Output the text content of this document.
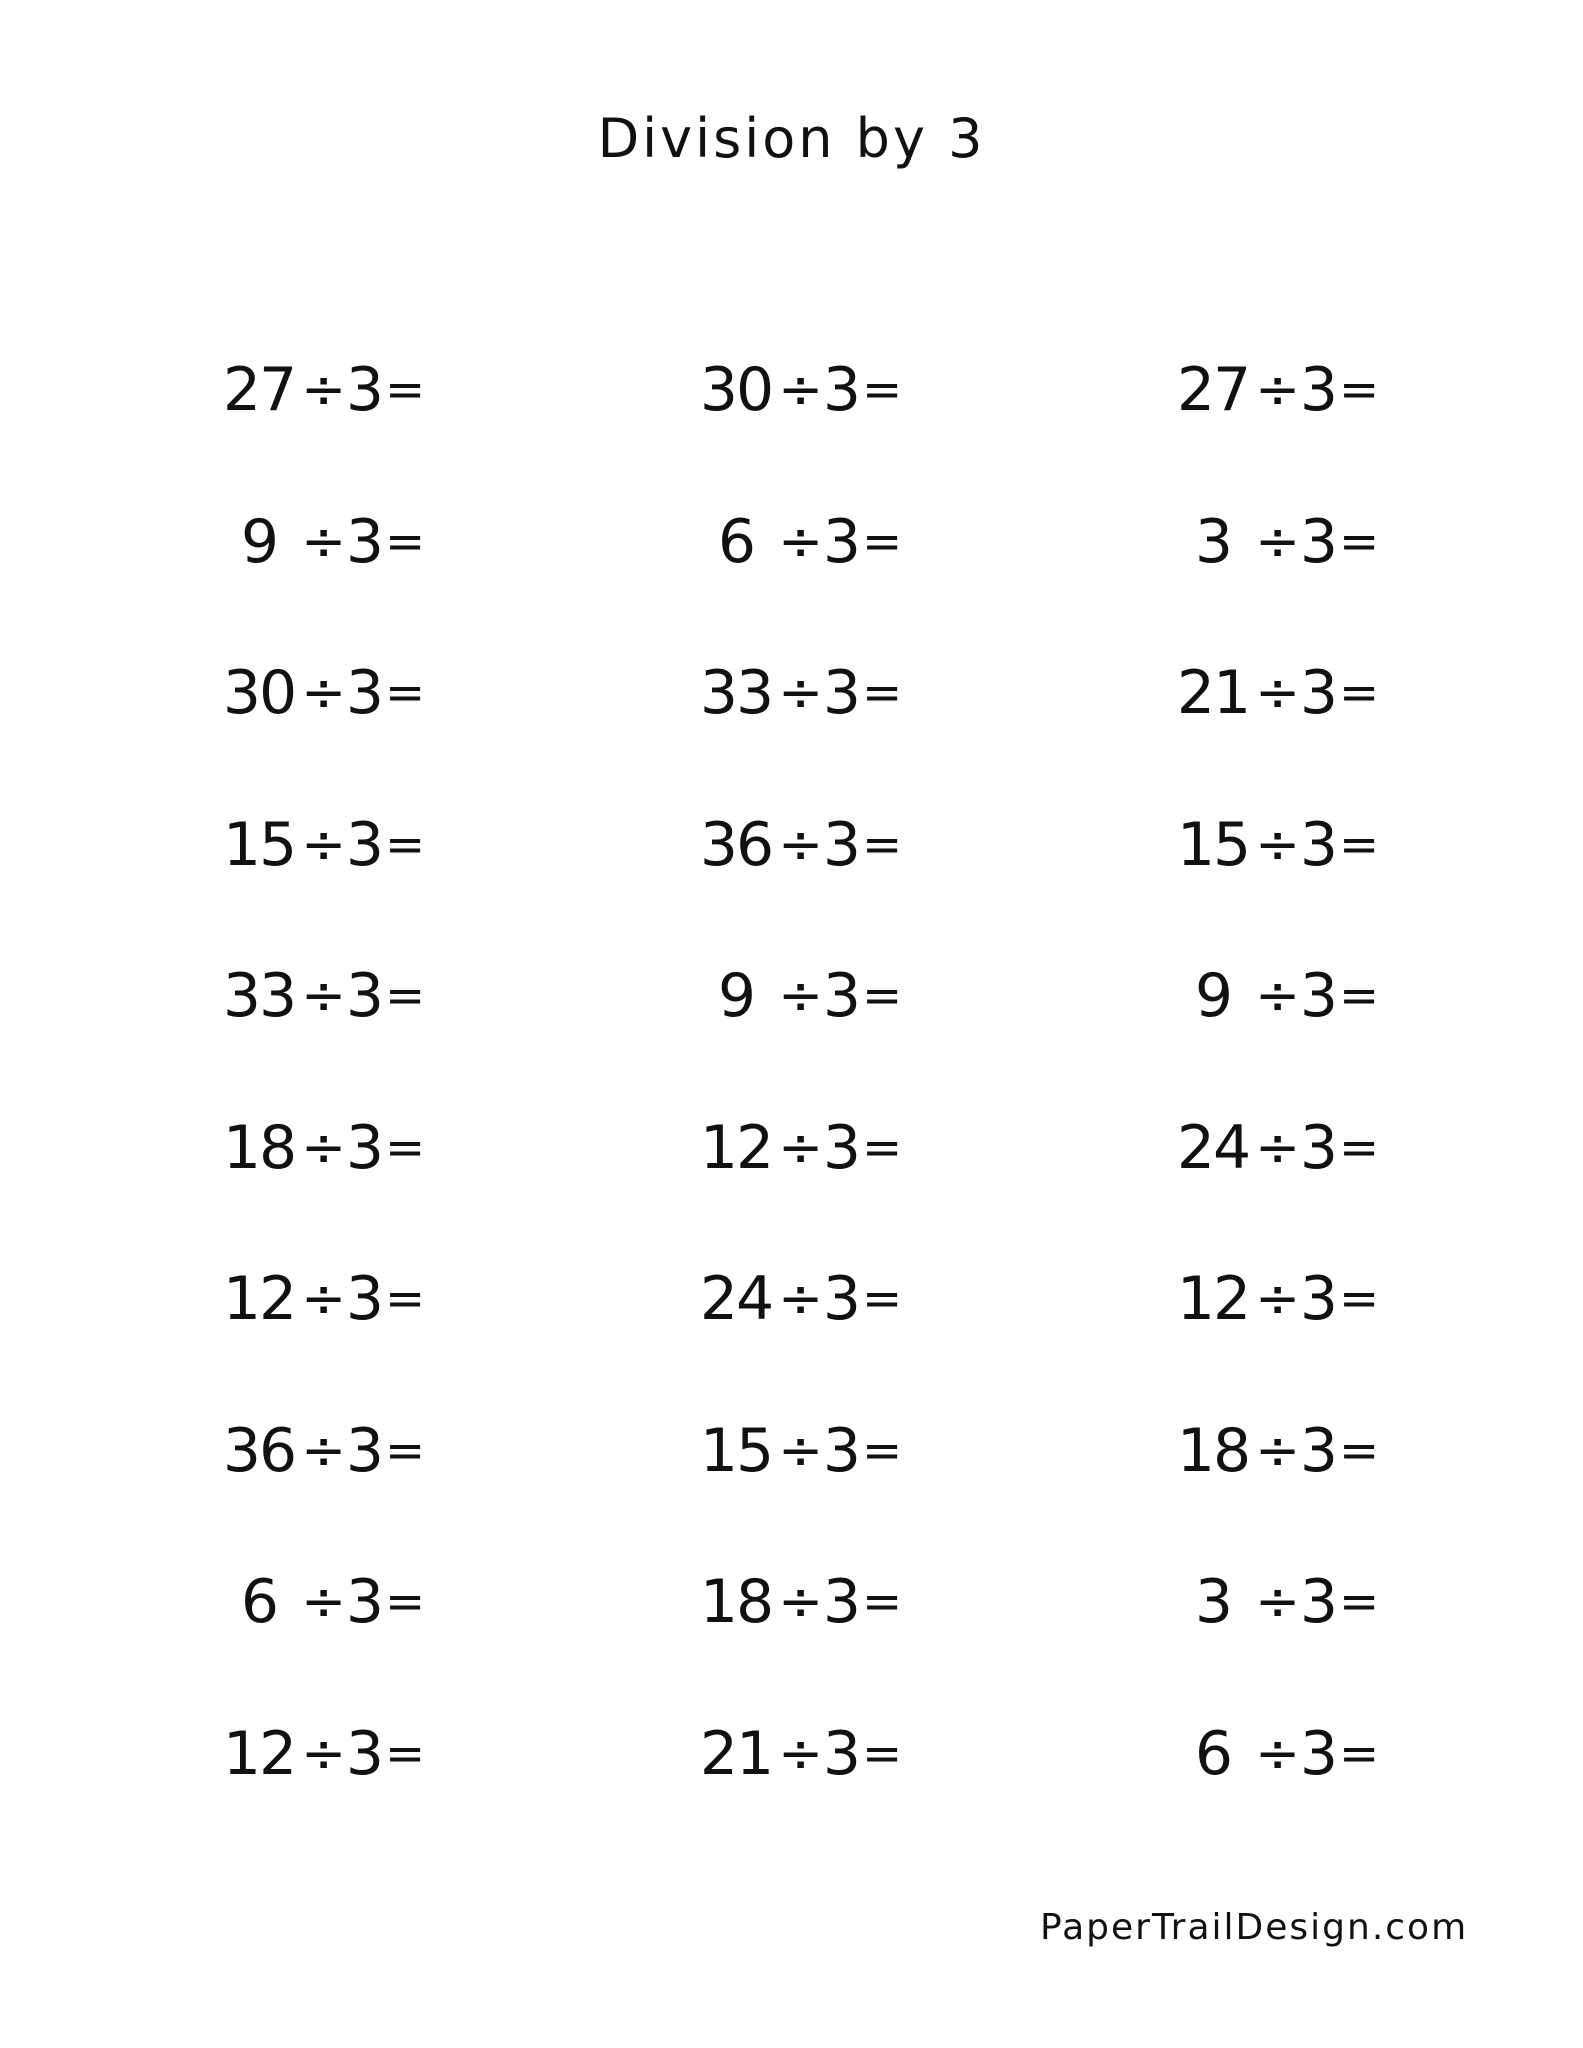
Division by 3
27 ÷ 3 =
9 ÷ 3 =
30 ÷ 3 =
15 ÷ 3 =
33 ÷ 3 =
18 ÷ 3 =
12 ÷ 3 =
36 ÷ 3 =
6 ÷ 3 =
12 ÷ 3 =
30 ÷ 3 =
6 ÷ 3 =
33 ÷ 3 =
36 ÷ 3 =
9 ÷ 3 =
12 ÷ 3 =
24 ÷ 3 =
15 ÷ 3 =
18 ÷ 3 =
21 ÷ 3 =
27 ÷ 3 =
3 ÷ 3 =
21 ÷ 3 =
15 ÷ 3 =
9 ÷ 3 =
24 ÷ 3 =
12 ÷ 3 =
18 ÷ 3 =
3 ÷ 3 =
6 ÷ 3 =
PaperTrailDesign.com
